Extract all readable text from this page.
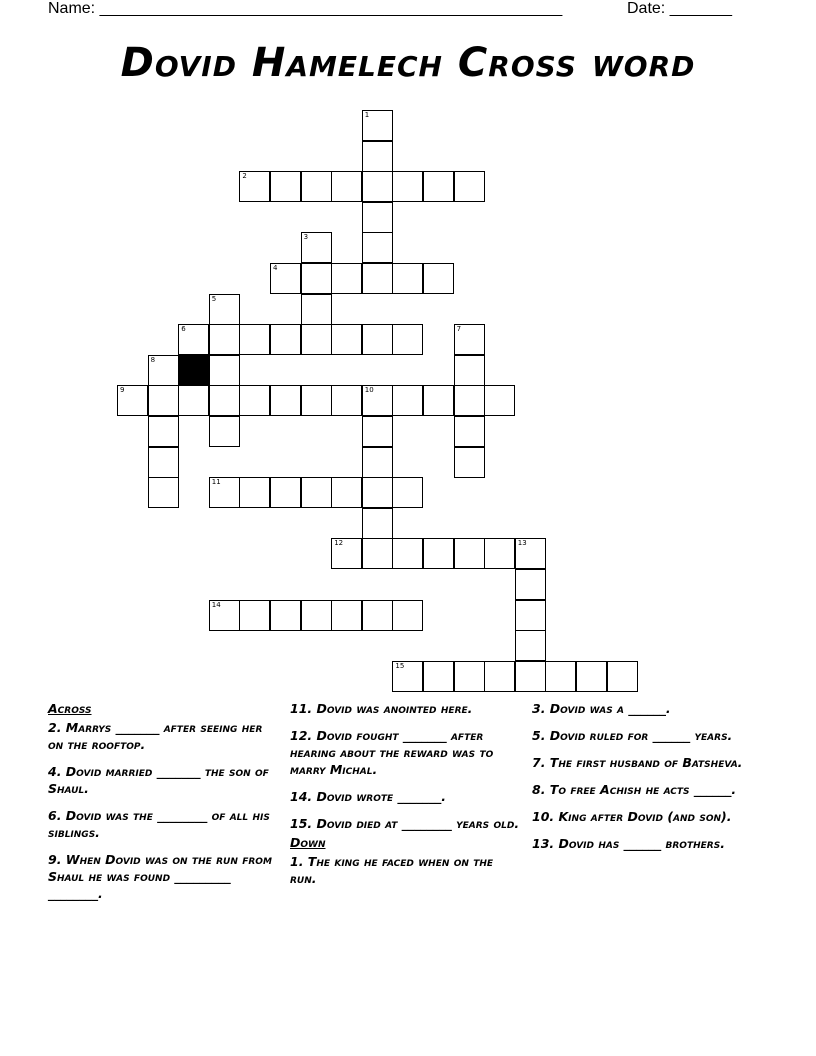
Name: ____________________________________________________	Date: _______
Dovid Hamelech Cross word
1
2
3
4
5
6	7
8
9	10
11
12	13
14
15
Across

2. Marrys _______ after seeing her on the rooftop.

4. Dovid married _______ the son of Shaul.

6. Dovid was the ________ of all his siblings.

9. When Dovid was on the run from Shaul he was found _________ ________.

11. Dovid was anointed here.

12. Dovid fought _______ after hearing about the reward was to marry Michal.

14. Dovid wrote _______.

15. Dovid died at ________ years old.

Down

1. The king he faced when on the run.

3. Dovid was a ______.

5. Dovid ruled for ______ years.

7. The first husband of Batsheva.

8. To free Achish he acts ______.

10. King after Dovid (and son).

13. Dovid has ______ brothers.
